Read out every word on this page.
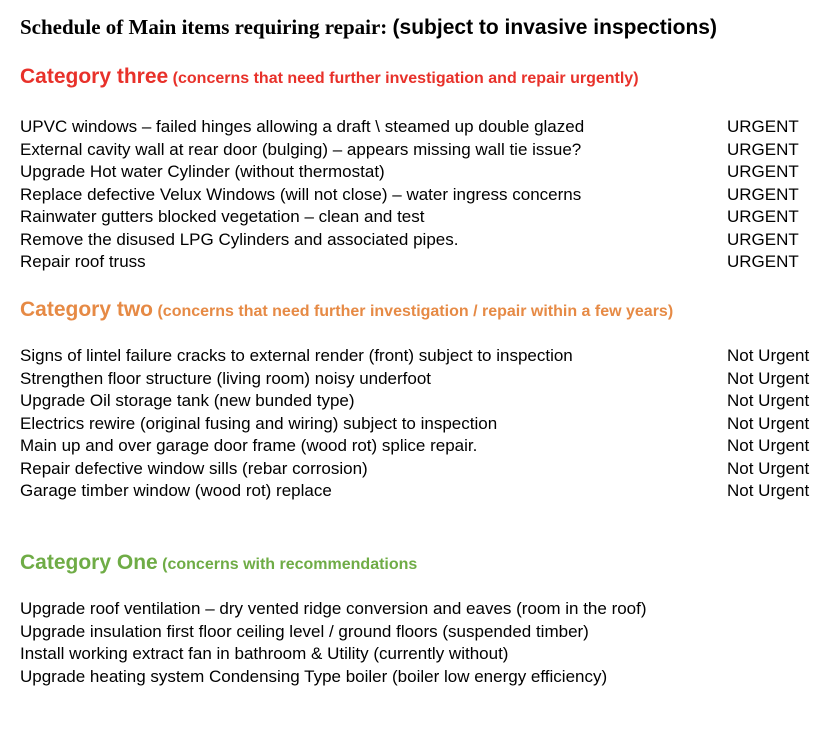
Schedule of Main items requiring repair: (subject to invasive inspections)
Category three (concerns that need further investigation and repair urgently)
UPVC windows – failed hinges allowing a draft \ steamed up double glazed	URGENT
External cavity wall at rear door (bulging) – appears missing wall tie issue?	URGENT
Upgrade Hot water Cylinder (without thermostat)	URGENT
Replace defective Velux Windows (will not close) – water ingress concerns	URGENT
Rainwater gutters blocked vegetation – clean and test	URGENT
Remove the disused LPG Cylinders and associated pipes.	URGENT
Repair roof truss	URGENT
Category two (concerns that need further investigation / repair within a few years)
Signs of lintel failure cracks to external render (front) subject to inspection	Not Urgent
Strengthen floor structure (living room) noisy underfoot	Not Urgent
Upgrade Oil storage tank (new bunded type)	Not Urgent
Electrics rewire (original fusing and wiring) subject to inspection	Not Urgent
Main up and over garage door frame (wood rot) splice repair.	Not Urgent
Repair defective window sills (rebar corrosion)	Not Urgent
Garage timber window (wood rot) replace	Not Urgent
Category One (concerns with recommendations
Upgrade roof ventilation – dry vented ridge conversion and eaves (room in the roof)
Upgrade insulation first floor ceiling level / ground floors (suspended timber)
Install working extract fan in bathroom & Utility (currently without)
Upgrade heating system Condensing Type boiler (boiler low energy efficiency)
